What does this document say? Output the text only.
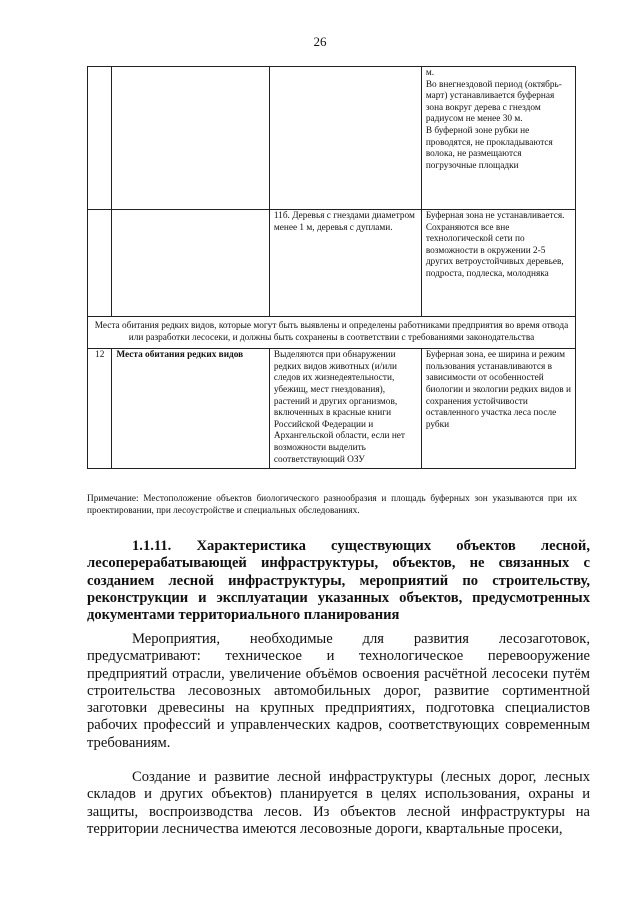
26
			м.
Во внегнездовой период (октябрь-март) устанавливается буферная зона вокруг дерева с гнездом радиусом не менее 30 м.
В буферной зоне рубки не проводятся, не прокладываются волока, не размещаются погрузочные площадки
		11б. Деревья с гнездами диаметром менее 1 м, деревья с дуплами.	Буферная зона не устанавливается.
Сохраняются все вне технологической сети по возможности в окружении 2-5 других ветроустойчивых деревьев, подроста, подлеска, молодняка
Места обитания редких видов, которые могут быть выявлены и определены работниками предприятия во время отвода или разработки лесосеки, и должны быть сохранены в соответствии с требованиями законодательства			
12	Места обитания редких видов	Выделяются при обнаружении редких видов животных (и/или следов их жизнедеятельности, убежищ, мест гнездования), растений и других организмов, включенных в красные книги Российской Федерации и Архангельской области, если нет возможности выделить соответствующий ОЗУ	Буферная зона, ее ширина и режим пользования устанавливаются в зависимости от особенностей биологии и экологии редких видов и сохранения устойчивости оставленного участка леса после рубки
Примечание: Местоположение объектов биологического разнообразия и площадь буферных зон указываются при их проектировании, при лесоустройстве и специальных обследованиях.
1.1.11. Характеристика существующих объектов лесной, лесоперерабатывающей инфраструктуры, объектов, не связанных с созданием лесной инфраструктуры, мероприятий по строительству, реконструкции и эксплуатации указанных объектов, предусмотренных документами территориального планирования
Мероприятия, необходимые для развития лесозаготовок, предусматривают: техническое и технологическое перевооружение предприятий отрасли, увеличение объёмов освоения расчётной лесосеки путём строительства лесовозных автомобильных дорог, развитие сортиментной заготовки древесины на крупных предприятиях, подготовка специалистов рабочих профессий и управленческих кадров, соответствующих современным требованиям.
Создание и развитие лесной инфраструктуры (лесных дорог, лесных складов и других объектов) планируется в целях использования, охраны и защиты, воспроизводства лесов. Из объектов лесной инфраструктуры на территории лесничества имеются лесовозные дороги, квартальные просеки,
